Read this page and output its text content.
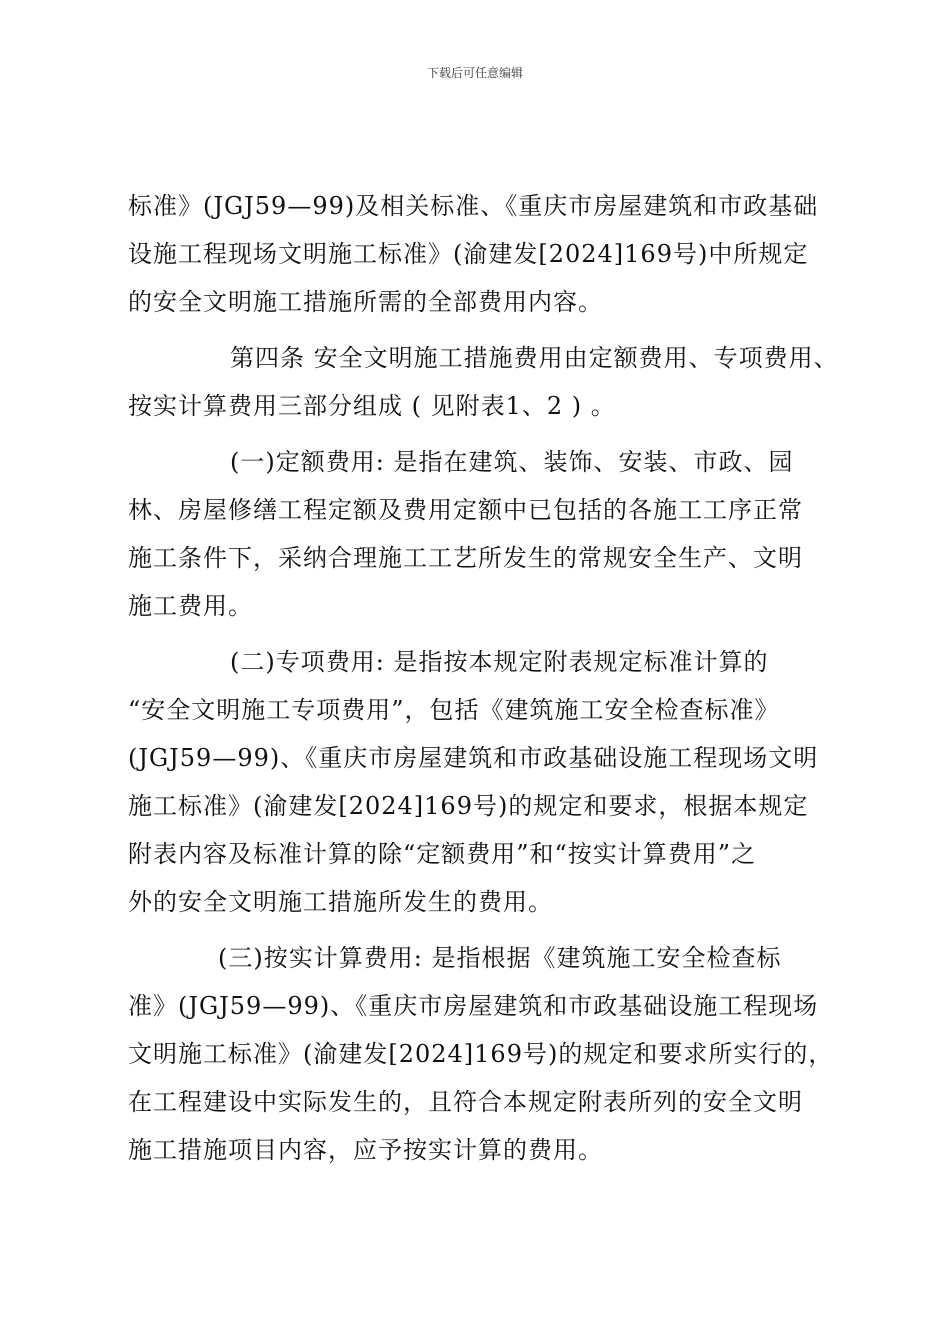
下载后可任意编辑
标准》(JGJ59—99)及相关标准、《重庆市房屋建筑和市政基础
设施工程现场文明施工标准》(渝建发[2024]169号)中所规定
的安全文明施工措施所需的全部费用内容。
第四条 安全文明施工措施费用由定额费用、专项费用、
按实计算费用三部分组成 ( 见附表1、2 ) 。
(一)定额费用: 是指在建筑、装饰、安装、市政、园
林、房屋修缮工程定额及费用定额中已包括的各施工工序正常
施工条件下，采纳合理施工工艺所发生的常规安全生产、文明
施工费用。
(二)专项费用: 是指按本规定附表规定标准计算的
“安全文明施工专项费用”，包括《建筑施工安全检查标准》
(JGJ59—99)、《重庆市房屋建筑和市政基础设施工程现场文明
施工标准》(渝建发[2024]169号)的规定和要求，根据本规定
附表内容及标准计算的除“定额费用”和“按实计算费用”之
外的安全文明施工措施所发生的费用。
(三)按实计算费用: 是指根据《建筑施工安全检查标
准》(JGJ59—99)、《重庆市房屋建筑和市政基础设施工程现场
文明施工标准》(渝建发[2024]169号)的规定和要求所实行的，
在工程建设中实际发生的，且符合本规定附表所列的安全文明
施工措施项目内容，应予按实计算的费用。
